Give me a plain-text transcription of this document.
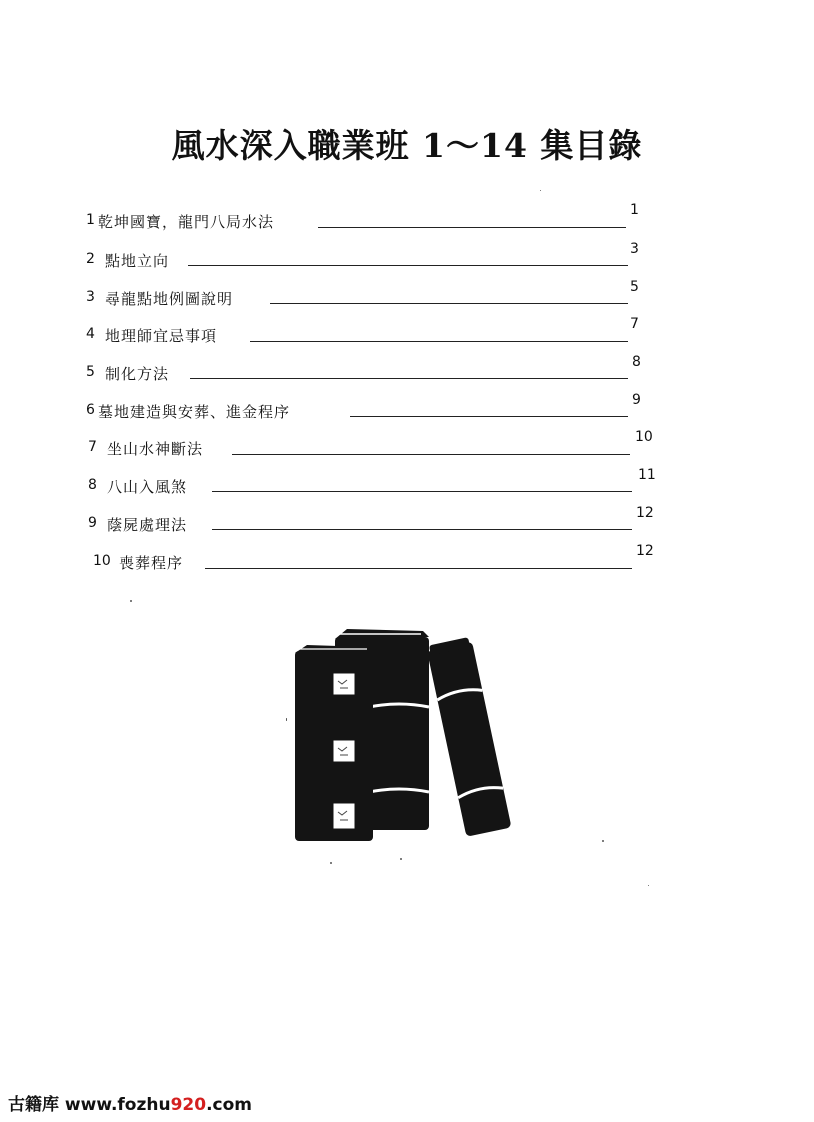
風水深入職業班 1～14 集目錄
1 乾坤國寶，龍門八局水法
1
2 點地立向
3
3 尋龍點地例圖說明
5
4 地理師宜忌事項
7
5 制化方法
8
6 墓地建造與安葬、進金程序
9
7 坐山水神斷法
10
8 八山入風煞
11
9 蔭屍處理法
12
10 喪葬程序
12
古籍库 www.fozhu920.com
